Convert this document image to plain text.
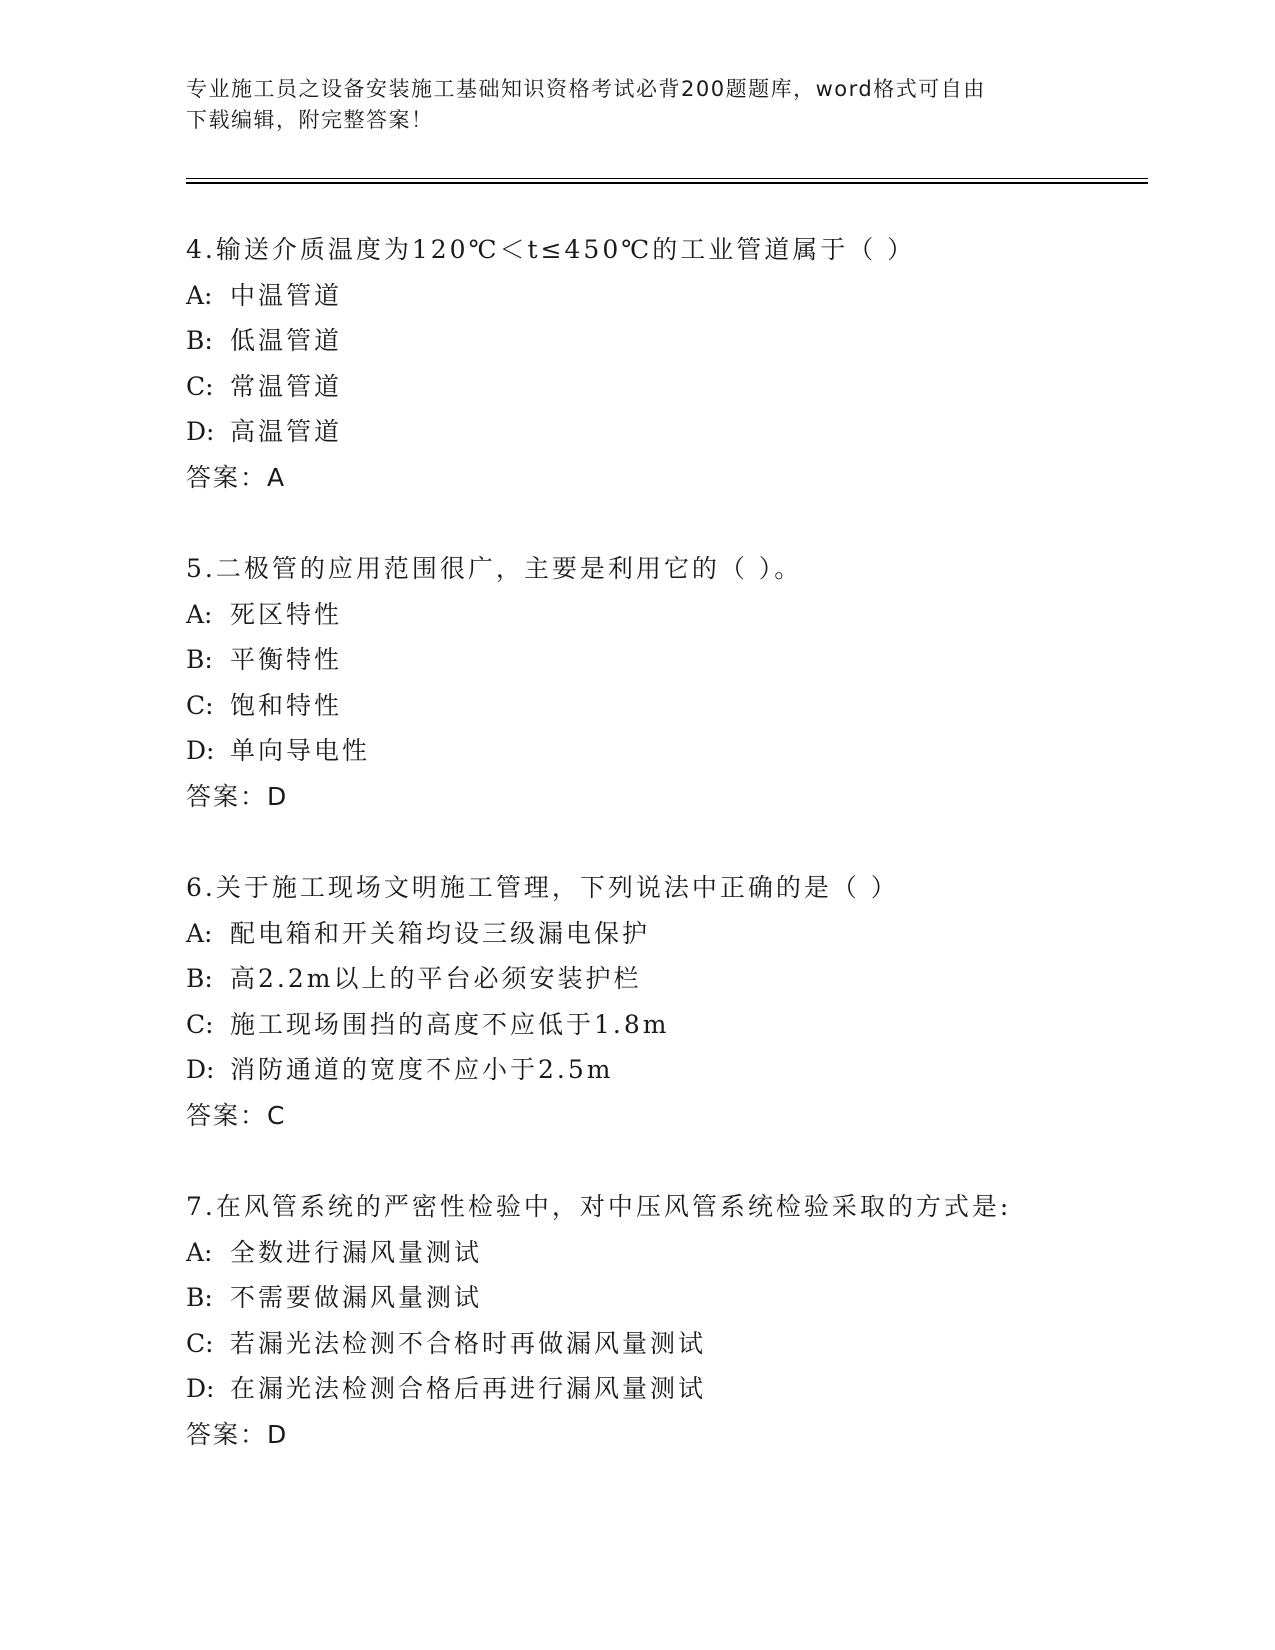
专业施工员之设备安装施工基础知识资格考试必背200题题库，word格式可自由
下载编辑，附完整答案！
4.输送介质温度为120℃＜t≤450℃的工业管道属于（ ）
A: 中温管道
B: 低温管道
C: 常温管道
D: 高温管道
答案：A
5.二极管的应用范围很广，主要是利用它的（ ）。
A: 死区特性
B: 平衡特性
C: 饱和特性
D: 单向导电性
答案：D
6.关于施工现场文明施工管理，下列说法中正确的是（ ）
A: 配电箱和开关箱均设三级漏电保护
B: 高2.2m以上的平台必须安装护栏
C: 施工现场围挡的高度不应低于1.8m
D: 消防通道的宽度不应小于2.5m
答案：C
7.在风管系统的严密性检验中，对中压风管系统检验采取的方式是:
A: 全数进行漏风量测试
B: 不需要做漏风量测试
C: 若漏光法检测不合格时再做漏风量测试
D: 在漏光法检测合格后再进行漏风量测试
答案：D
